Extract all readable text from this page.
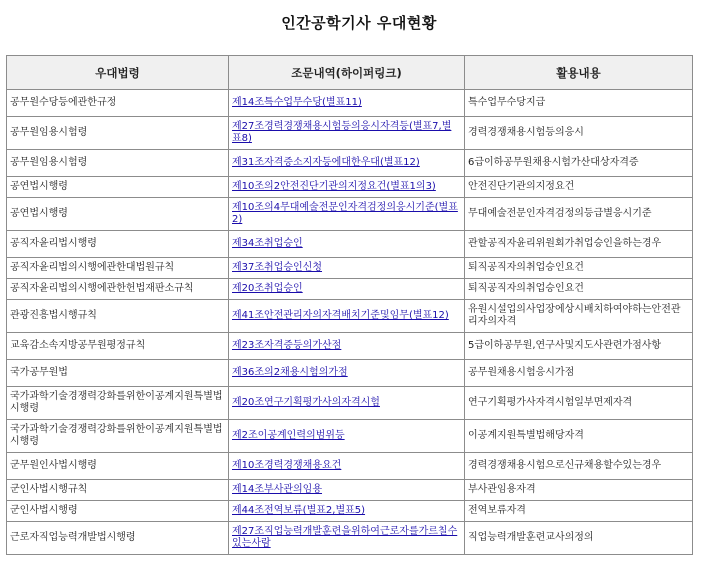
인간공학기사 우대현황
우대법령	조문내역(하이퍼링크)	활용내용
공무원수당등에관한규정	제14조특수업무수당(별표11)	특수업무수당지급
공무원임용시험령	제27조경력경쟁채용시험등의응시자격등(별표7,별표8)	경력경쟁채용시험등의응시
공무원임용시험령	제31조자격증소지자등에대한우대(별표12)	6급이하공무원채용시험가산대상자격증
공연법시행령	제10조의2안전진단기관의지정요건(별표1의3)	안전진단기관의지정요건
공연법시행령	제10조의4무대예술전문인자격검정의응시기준(별표2)	무대예술전문인자격검정의등급별응시기준
공직자윤리법시행령	제34조취업승인	관할공직자윤리위원회가취업승인을하는경우
공직자윤리법의시행에관한대법원규칙	제37조취업승인신청	퇴직공직자의취업승인요건
공직자윤리법의시행에관한헌법재판소규칙	제20조취업승인	퇴직공직자의취업승인요건
관광진흥법시행규칙	제41조안전관리자의자격배치기준및임무(별표12)	유원시설업의사업장에상시배치하여야하는안전관리자의자격
교육감소속지방공무원평정규칙	제23조자격증등의가산점	5급이하공무원,연구사및지도사관련가점사항
국가공무원법	제36조의2채용시험의가점	공무원채용시험응시가점
국가과학기술경쟁력강화를위한이공계지원특별법시행령	제20조연구기획평가사의자격시험	연구기획평가사자격시험일부면제자격
국가과학기술경쟁력강화를위한이공계지원특별법시행령	제2조이공계인력의범위등	이공계지원특별법해당자격
군무원인사법시행령	제10조경력경쟁채용요건	경력경쟁채용시험으로신규채용할수있는경우
군인사법시행규칙	제14조부사관의임용	부사관임용자격
군인사법시행령	제44조전역보류(별표2,별표5)	전역보류자격
근로자직업능력개발법시행령	제27조직업능력개발훈련을위하여근로자를가르칠수있는사람	직업능력개발훈련교사의정의
